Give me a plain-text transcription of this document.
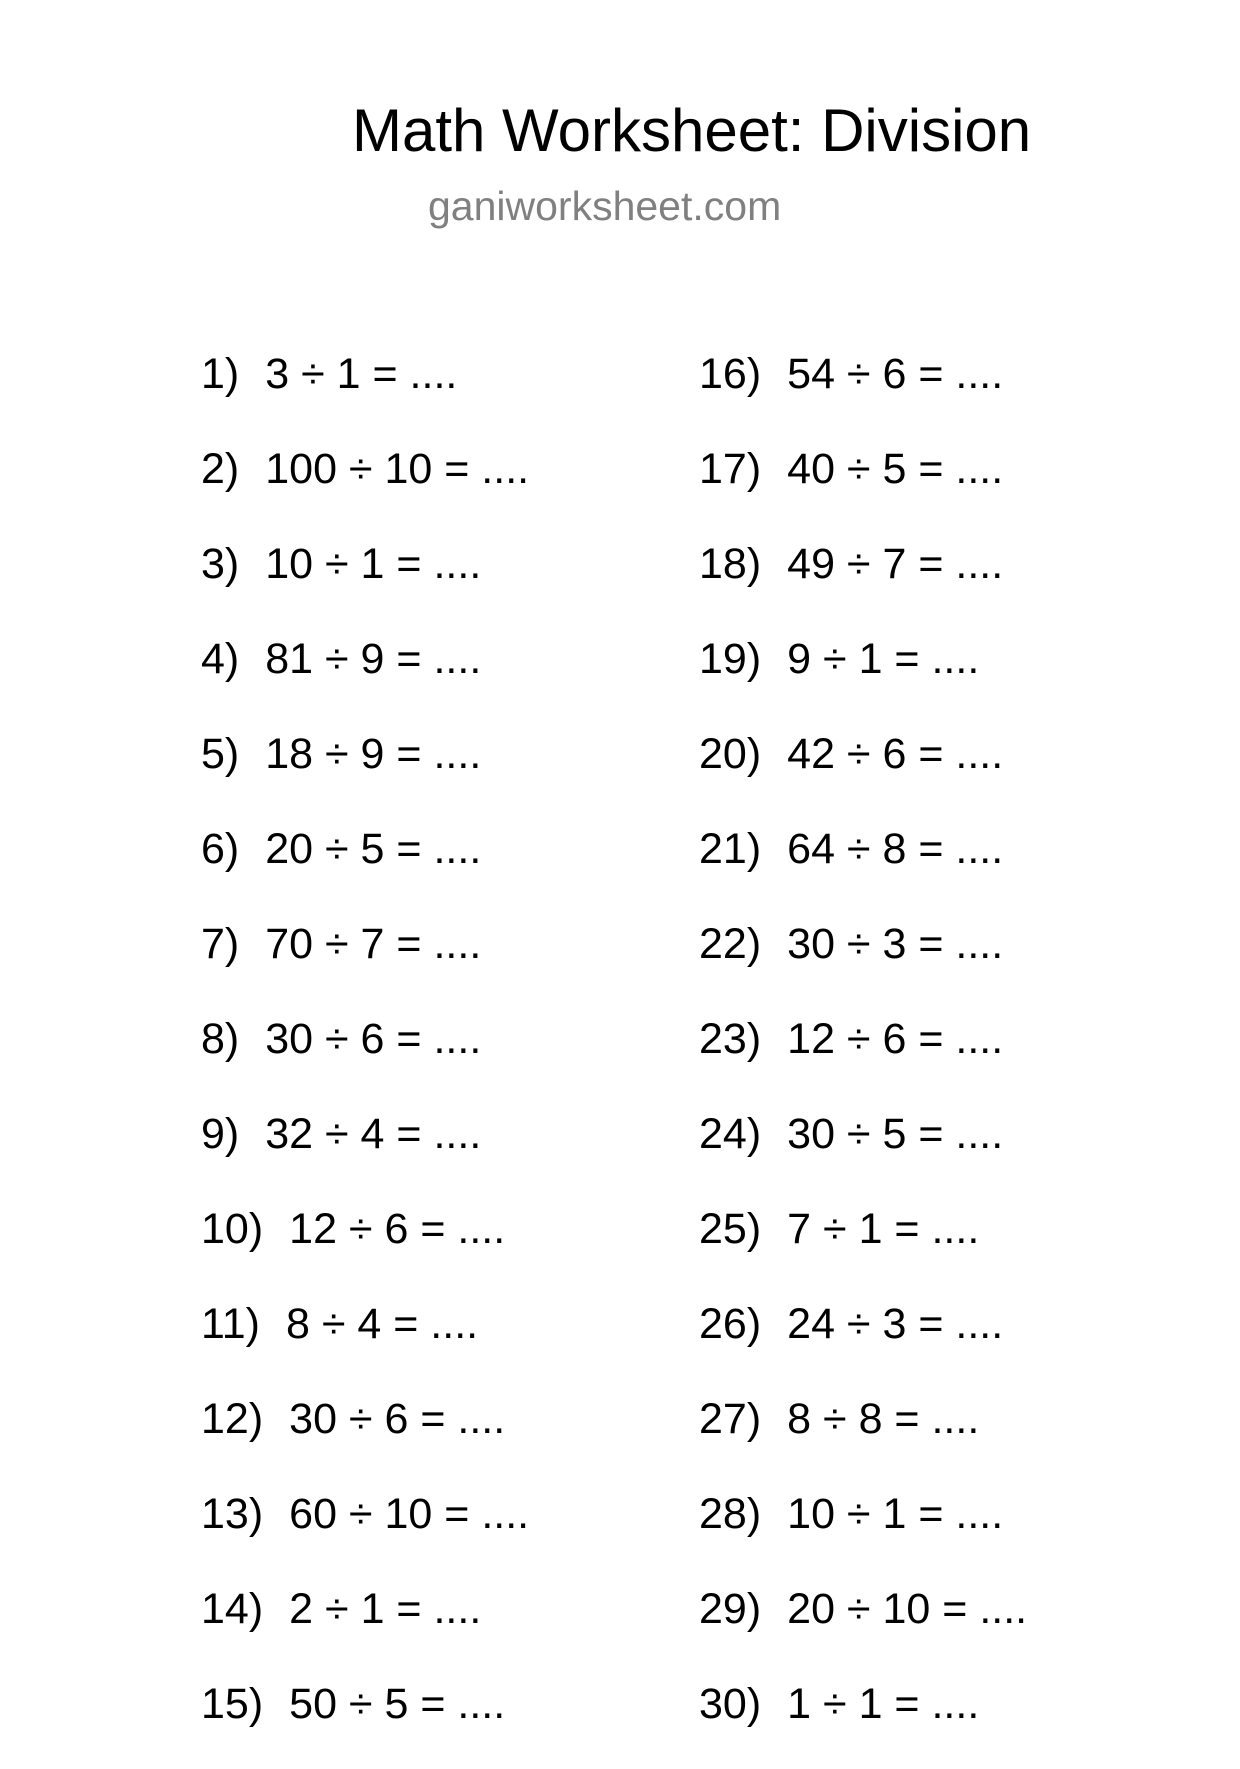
Math Worksheet: Division
ganiworksheet.com
1) 3 ÷ 1 = ....
2) 100 ÷ 10 = ....
3) 10 ÷ 1 = ....
4) 81 ÷ 9 = ....
5) 18 ÷ 9 = ....
6) 20 ÷ 5 = ....
7) 70 ÷ 7 = ....
8) 30 ÷ 6 = ....
9) 32 ÷ 4 = ....
10) 12 ÷ 6 = ....
11) 8 ÷ 4 = ....
12) 30 ÷ 6 = ....
13) 60 ÷ 10 = ....
14) 2 ÷ 1 = ....
15) 50 ÷ 5 = ....
16) 54 ÷ 6 = ....
17) 40 ÷ 5 = ....
18) 49 ÷ 7 = ....
19) 9 ÷ 1 = ....
20) 42 ÷ 6 = ....
21) 64 ÷ 8 = ....
22) 30 ÷ 3 = ....
23) 12 ÷ 6 = ....
24) 30 ÷ 5 = ....
25) 7 ÷ 1 = ....
26) 24 ÷ 3 = ....
27) 8 ÷ 8 = ....
28) 10 ÷ 1 = ....
29) 20 ÷ 10 = ....
30) 1 ÷ 1 = ....
